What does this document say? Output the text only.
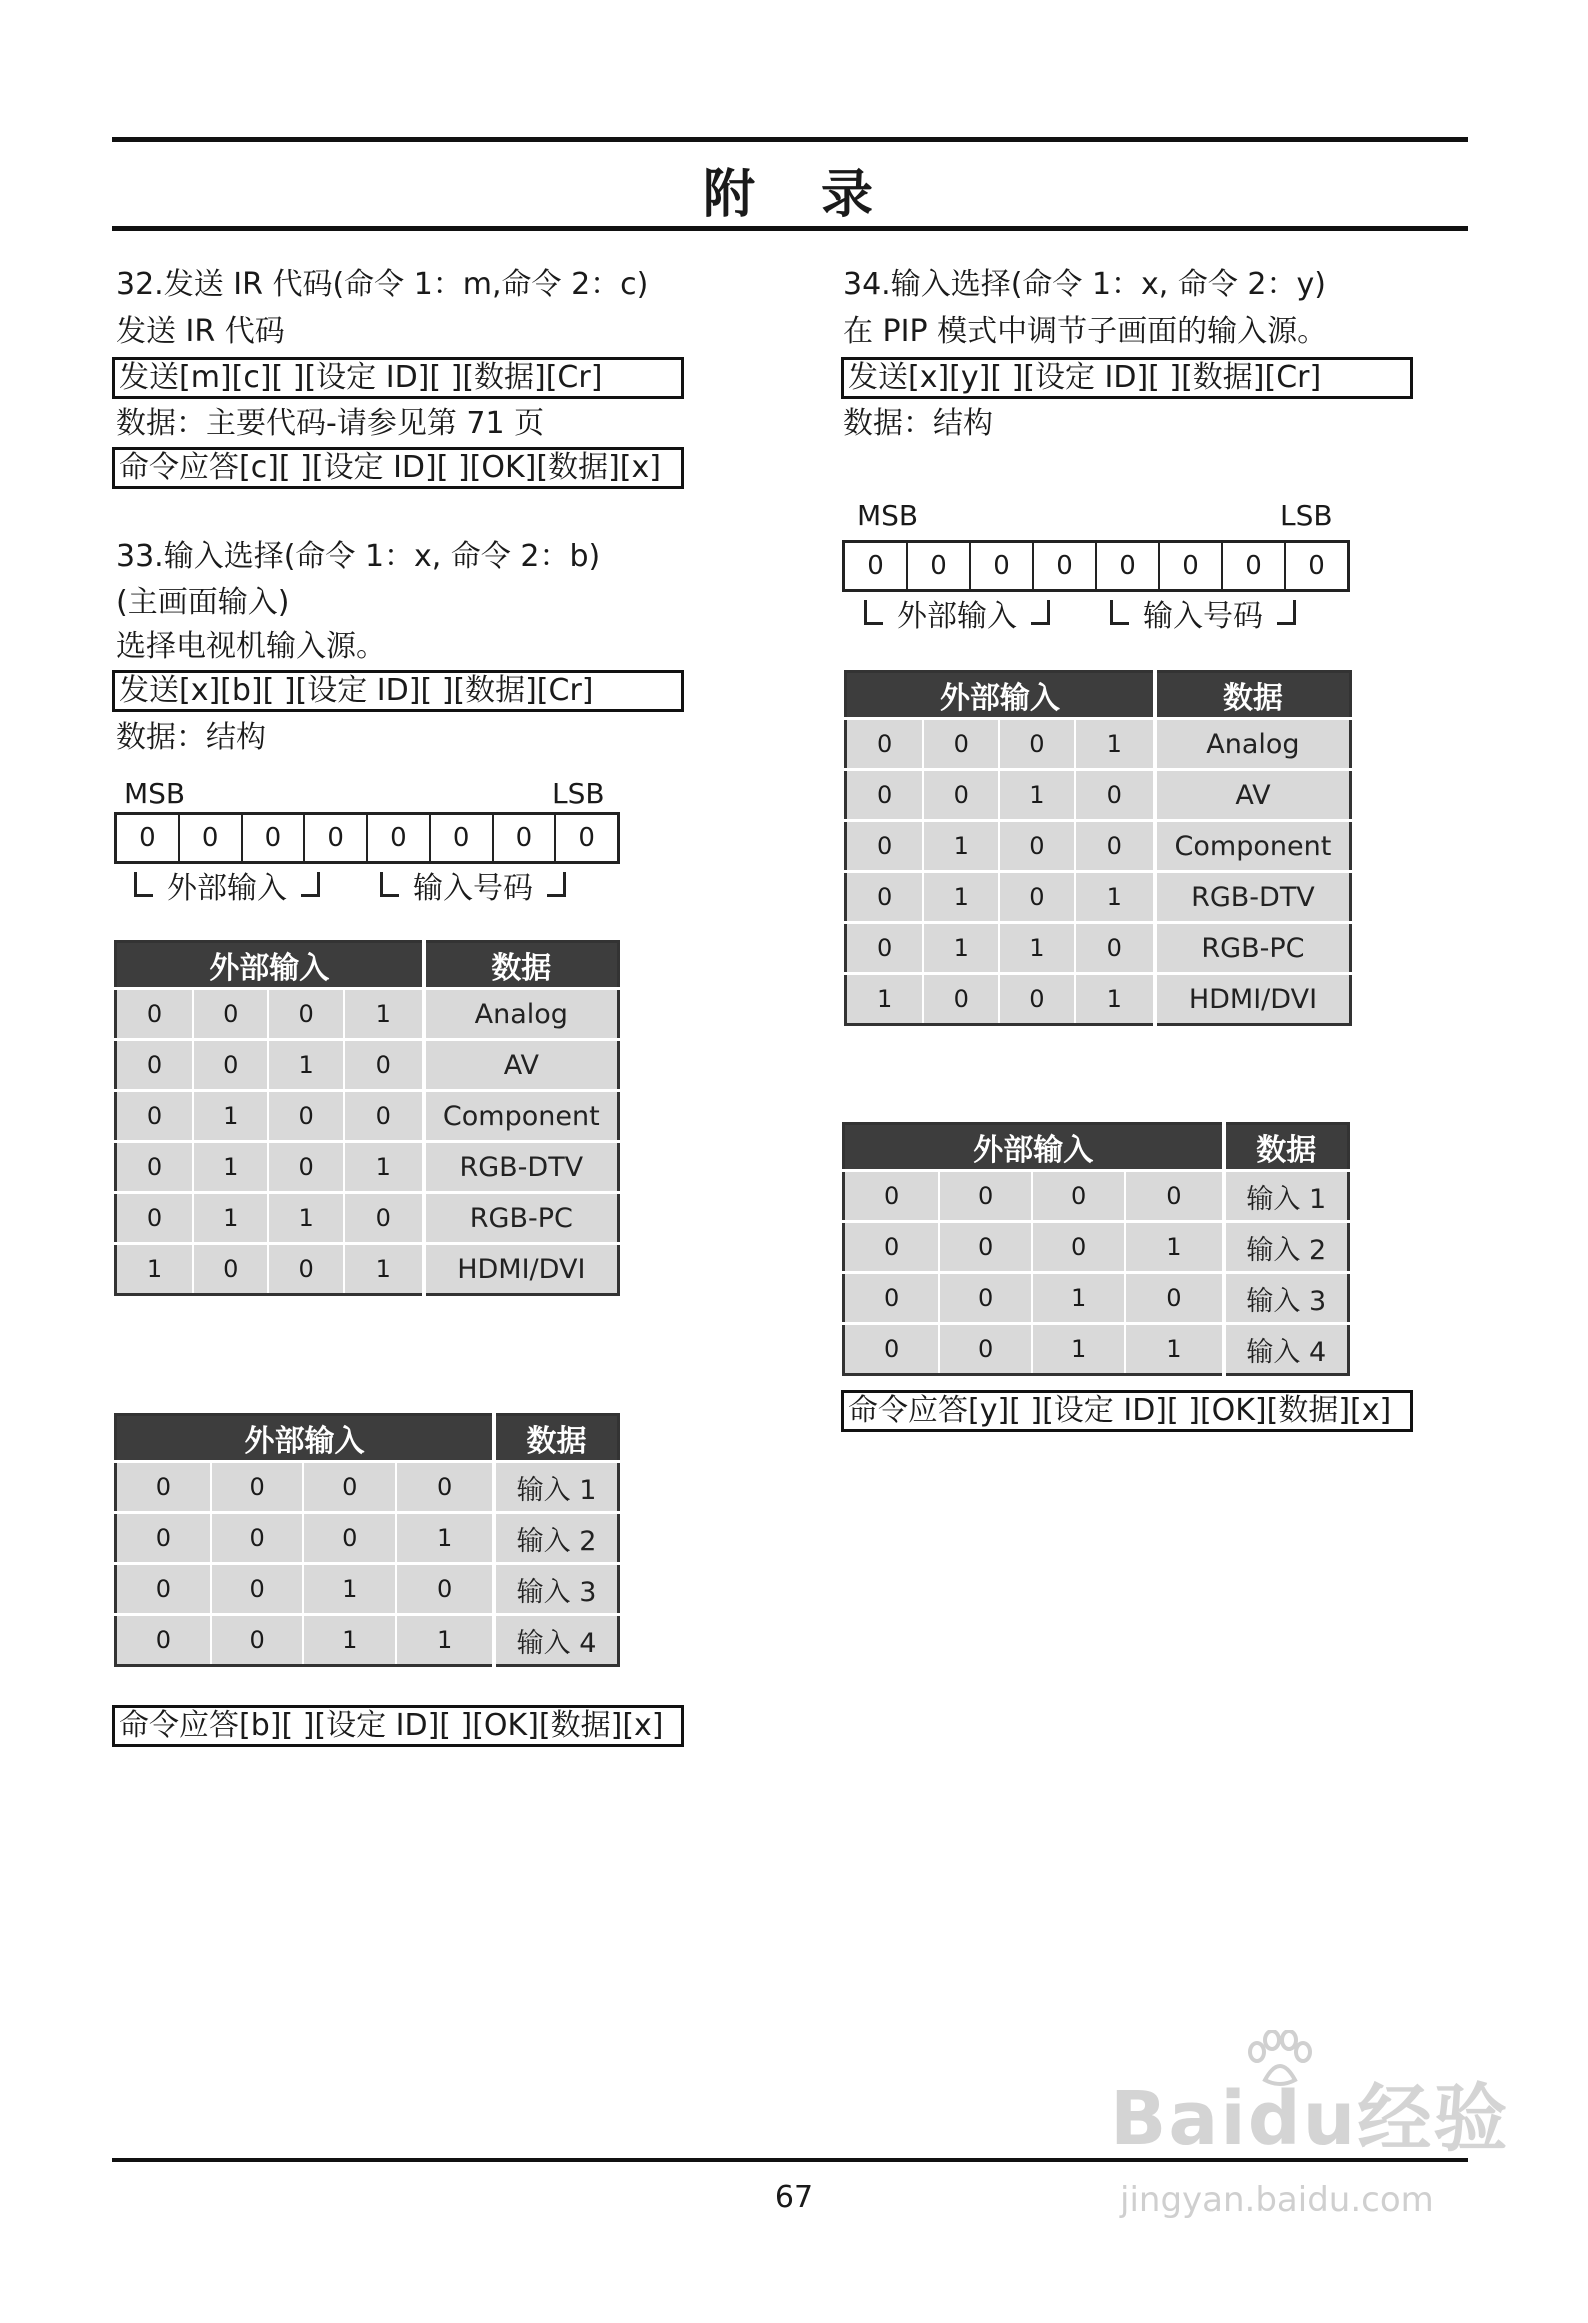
附 录
32.发送 IR 代码(命令 1：m,命令 2：c)
发送 IR 代码
发送[m][c][ ][设定 ID][ ][数据][Cr]
数据：主要代码-请参见第 71 页
命令应答[c][ ][设定 ID][ ][OK][数据][x]
33.输入选择(命令 1：x, 命令 2：b)
(主画面输入)
选择电视机输入源。
发送[x][b][ ][设定 ID][ ][数据][Cr]
数据：结构
MSB	LSB
0	0	0	0	0	0	0	0
外部输入	输入号码
外部输入				数据
0	0	0	1	Analog
0	0	1	0	AV
0	1	0	0	Component
0	1	0	1	RGB-DTV
0	1	1	0	RGB-PC
1	0	0	1	HDMI/DVI
外部输入				数据
0	0	0	0	输入 1
0	0	0	1	输入 2
0	0	1	0	输入 3
0	0	1	1	输入 4
命令应答[b][ ][设定 ID][ ][OK][数据][x]
34.输入选择(命令 1：x, 命令 2：y)
在 PIP 模式中调节子画面的输入源。
发送[x][y][ ][设定 ID][ ][数据][Cr]
数据：结构
MSB	LSB
0	0	0	0	0	0	0	0
外部输入	输入号码
外部输入				数据
0	0	0	1	Analog
0	0	1	0	AV
0	1	0	0	Component
0	1	0	1	RGB-DTV
0	1	1	0	RGB-PC
1	0	0	1	HDMI/DVI
外部输入				数据
0	0	0	0	输入 1
0	0	0	1	输入 2
0	0	1	0	输入 3
0	0	1	1	输入 4
命令应答[y][ ][设定 ID][ ][OK][数据][x]
67
Baidu经验
jingyan.baidu.com
